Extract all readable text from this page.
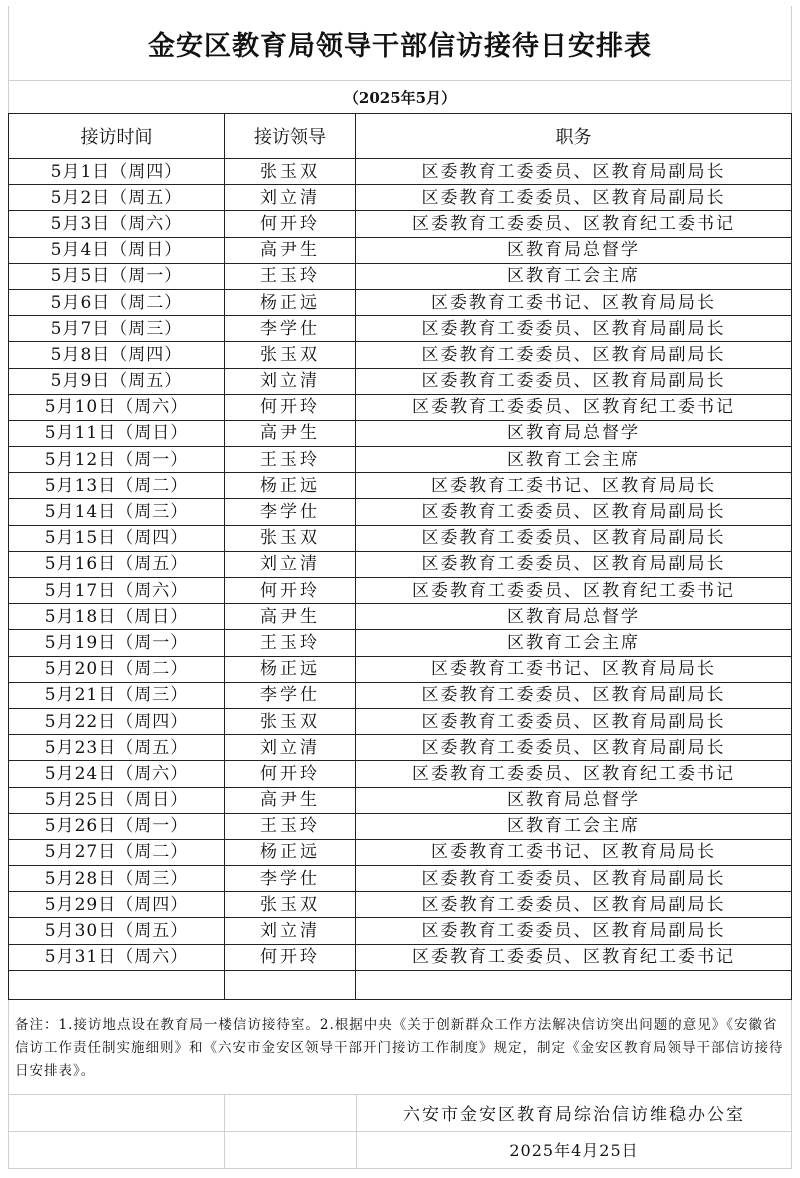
金安区教育局领导干部信访接待日安排表
（2025年5月）
接访时间	接访领导	职务
5月1日（周四）	张玉双	区委教育工委委员、区教育局副局长
5月2日（周五）	刘立清	区委教育工委委员、区教育局副局长
5月3日（周六）	何开玲	区委教育工委委员、区教育纪工委书记
5月4日（周日）	高尹生	区教育局总督学
5月5日（周一）	王玉玲	区教育工会主席
5月6日（周二）	杨正远	区委教育工委书记、区教育局局长
5月7日（周三）	李学仕	区委教育工委委员、区教育局副局长
5月8日（周四）	张玉双	区委教育工委委员、区教育局副局长
5月9日（周五）	刘立清	区委教育工委委员、区教育局副局长
5月10日（周六）	何开玲	区委教育工委委员、区教育纪工委书记
5月11日（周日）	高尹生	区教育局总督学
5月12日（周一）	王玉玲	区教育工会主席
5月13日（周二）	杨正远	区委教育工委书记、区教育局局长
5月14日（周三）	李学仕	区委教育工委委员、区教育局副局长
5月15日（周四）	张玉双	区委教育工委委员、区教育局副局长
5月16日（周五）	刘立清	区委教育工委委员、区教育局副局长
5月17日（周六）	何开玲	区委教育工委委员、区教育纪工委书记
5月18日（周日）	高尹生	区教育局总督学
5月19日（周一）	王玉玲	区教育工会主席
5月20日（周二）	杨正远	区委教育工委书记、区教育局局长
5月21日（周三）	李学仕	区委教育工委委员、区教育局副局长
5月22日（周四）	张玉双	区委教育工委委员、区教育局副局长
5月23日（周五）	刘立清	区委教育工委委员、区教育局副局长
5月24日（周六）	何开玲	区委教育工委委员、区教育纪工委书记
5月25日（周日）	高尹生	区教育局总督学
5月26日（周一）	王玉玲	区教育工会主席
5月27日（周二）	杨正远	区委教育工委书记、区教育局局长
5月28日（周三）	李学仕	区委教育工委委员、区教育局副局长
5月29日（周四）	张玉双	区委教育工委委员、区教育局副局长
5月30日（周五）	刘立清	区委教育工委委员、区教育局副局长
5月31日（周六）	何开玲	区委教育工委委员、区教育纪工委书记

备注：1.接访地点设在教育局一楼信访接待室。2.根据中央《关于创新群众工作方法解决信访突出问题的意见》《安徽省信访工作责任制实施细则》和《六安市金安区领导干部开门接访工作制度》规定，制定《金安区教育局领导干部信访接待日安排表》。
六安市金安区教育局综治信访维稳办公室
2025年4月25日
